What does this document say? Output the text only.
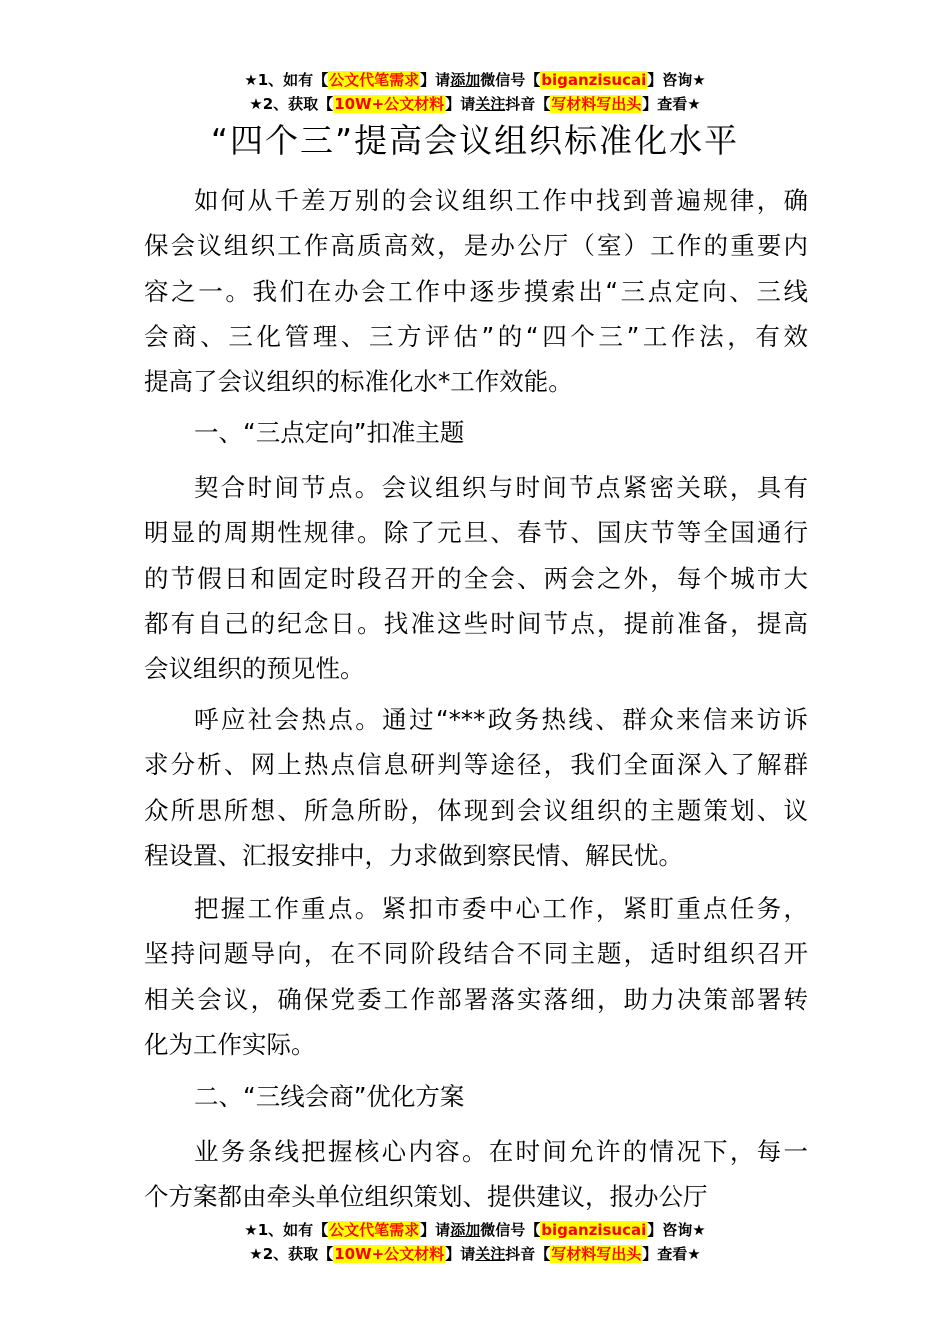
★1、如有【公文代笔需求】请添加微信号【biganzisucai】咨询★
★2、获取【10W+公文材料】请关注抖音【写材料写出头】查看★
“四个三”提高会议组织标准化水平
如何从千差万别的会议组织工作中找到普遍规律，确
保会议组织工作高质高效，是办公厅（室）工作的重要内
容之一。我们在办会工作中逐步摸索出“三点定向、三线
会商、三化管理、三方评估”的“四个三”工作法，有效
提高了会议组织的标准化水*工作效能。
一、“三点定向”扣准主题
契合时间节点。会议组织与时间节点紧密关联，具有
明显的周期性规律。除了元旦、春节、国庆节等全国通行
的节假日和固定时段召开的全会、两会之外，每个城市大
都有自己的纪念日。找准这些时间节点，提前准备，提高
会议组织的预见性。
呼应社会热点。通过“***政务热线、群众来信来访诉
求分析、网上热点信息研判等途径，我们全面深入了解群
众所思所想、所急所盼，体现到会议组织的主题策划、议
程设置、汇报安排中，力求做到察民情、解民忧。
把握工作重点。紧扣市委中心工作，紧盯重点任务，
坚持问题导向，在不同阶段结合不同主题，适时组织召开
相关会议，确保党委工作部署落实落细，助力决策部署转
化为工作实际。
二、“三线会商”优化方案
业务条线把握核心内容。在时间允许的情况下，每一
个方案都由牵头单位组织策划、提供建议，报办公厅
★1、如有【公文代笔需求】请添加微信号【biganzisucai】咨询★
★2、获取【10W+公文材料】请关注抖音【写材料写出头】查看★
